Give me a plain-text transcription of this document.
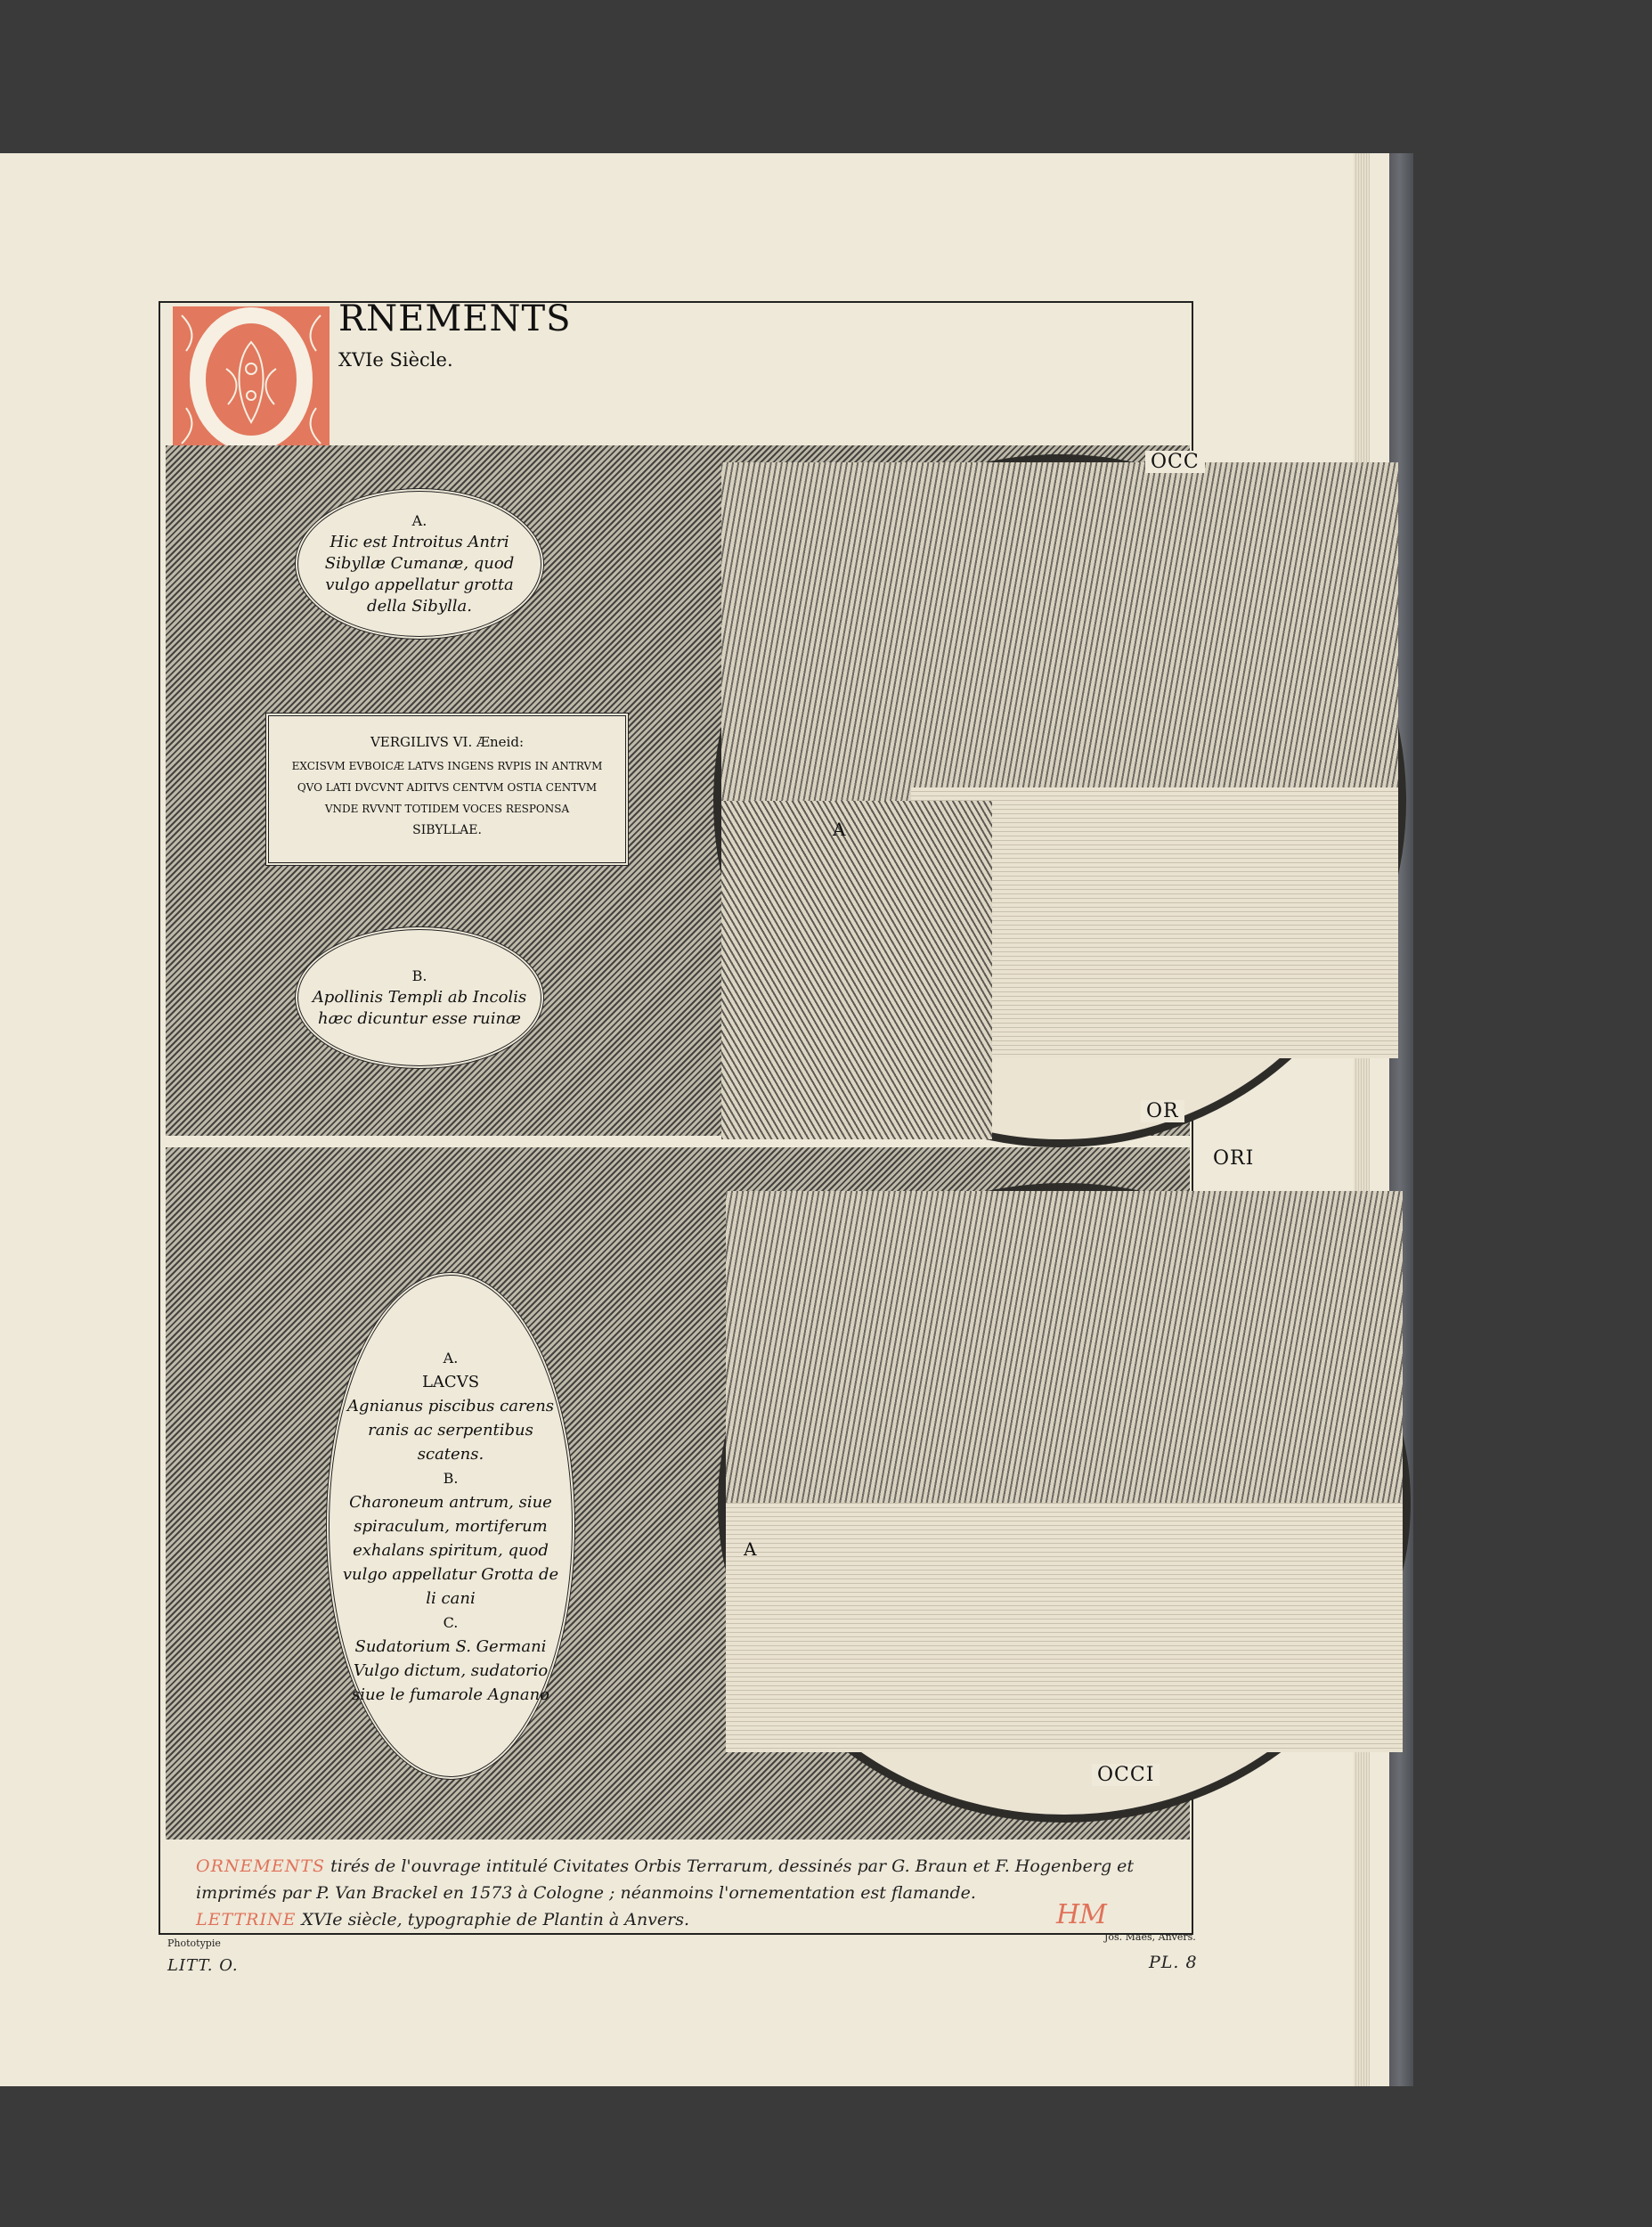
RNEMENTS
XVIe Siècle.
A
A.
Hic est Introitus Antri Sibyllæ Cumanæ, quod vulgo appellatur grotta della Sibylla.
VERGILIVS VI. Æneid:
EXCISVM EVBOICÆ LATVS INGENS RVPIS IN ANTRVM
QVO LATI DVCVNT ADITVS CENTVM OSTIA CENTVM
VNDE RVVNT TOTIDEM VOCES RESPONSA
SIBYLLAE.
B.
Apollinis Templi ab Incolis hæc dicuntur esse ruinæ
OCC
OR
A
A.
LACVS
Agnianus piscibus carens ranis ac serpentibus scatens.
B.
Charoneum antrum, siue spiraculum, mortiferum exhalans spiritum, quod vulgo appellatur Grotta de li cani
C.
Sudatorium S. Germani Vulgo dictum, sudatorio siue le fumarole Agnano
ORI
OCCI
ORNEMENTS tirés de l'ouvrage intitulé Civitates Orbis Terrarum, dessinés par G. Braun et F. Hogenberg et imprimés par P. Van Brackel en 1573 à Cologne ; néanmoins l'ornementation est flamande.
LETTRINE XVIe siècle, typographie de Plantin à Anvers.	HM
Phototypie
LITT. O.
Jos. Maes, Anvers.
PL. 8
